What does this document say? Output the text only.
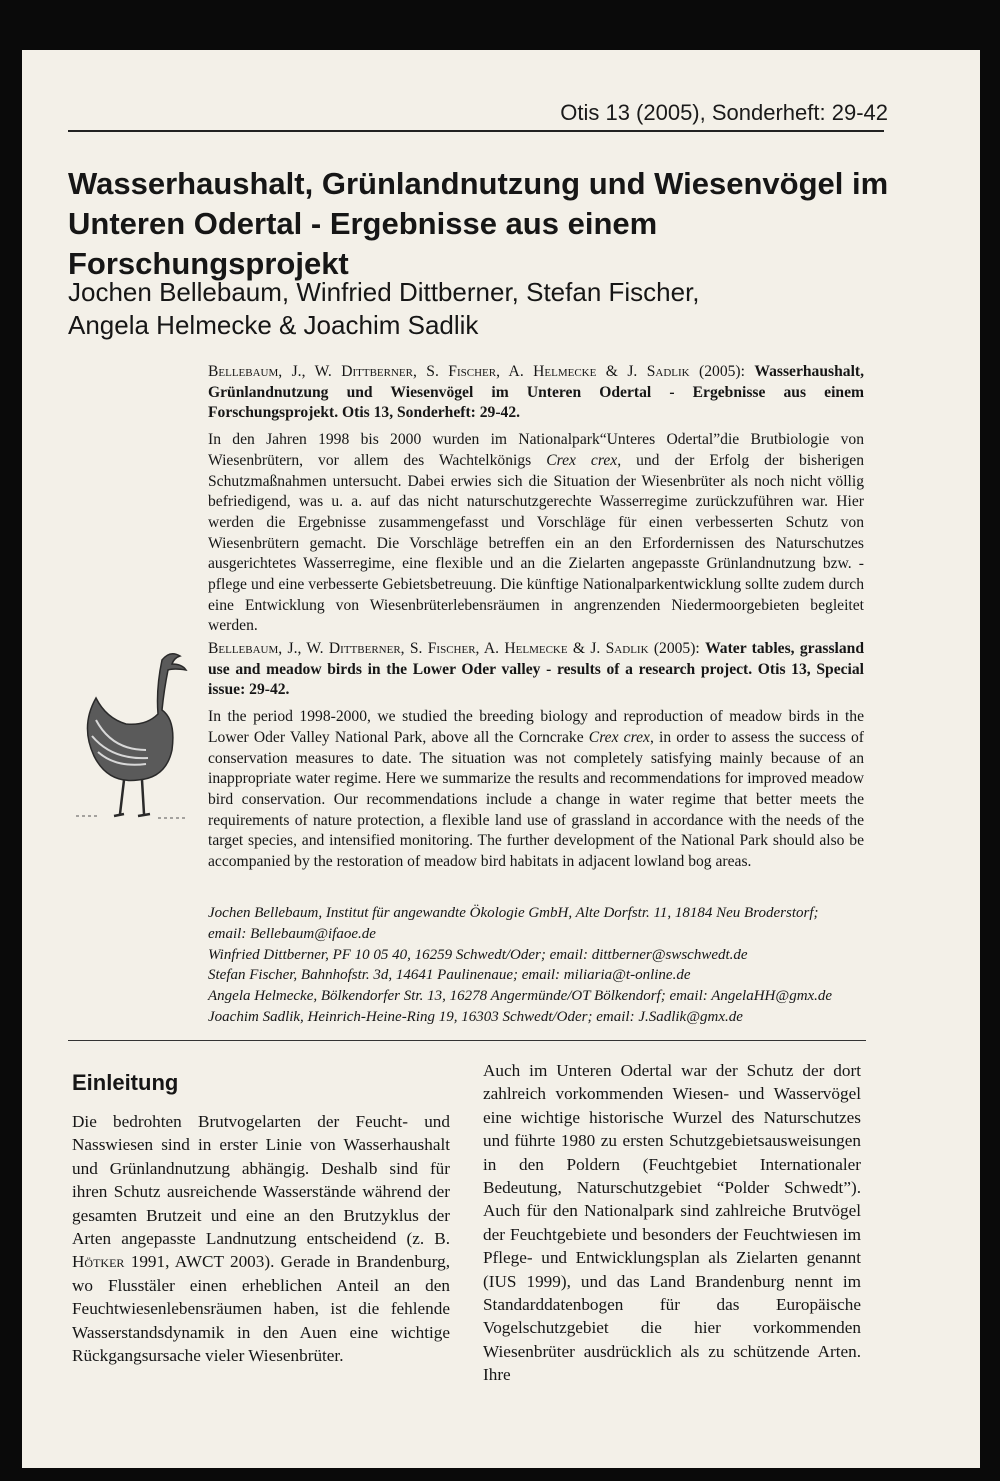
Otis 13 (2005), Sonderheft: 29-42
Wasserhaushalt, Grünlandnutzung und Wiesenvögel im
Unteren Odertal - Ergebnisse aus einem Forschungsprojekt
Jochen Bellebaum, Winfried Dittberner, Stefan Fischer,
Angela Helmecke & Joachim Sadlik

Bellebaum, J., W. Dittberner, S. Fischer, A. Helmecke & J. Sadlik (2005): Wasserhaushalt, Grünlandnutzung und Wiesenvögel im Unteren Odertal - Ergebnisse aus einem Forschungsprojekt. Otis 13, Sonderheft: 29-42.

In den Jahren 1998 bis 2000 wurden im Nationalpark“Unteres Odertal”die Brutbiologie von Wiesenbrütern, vor allem des Wachtelkönigs Crex crex, und der Erfolg der bisherigen Schutzmaßnahmen untersucht. Dabei erwies sich die Situation der Wiesenbrüter als noch nicht völlig befriedigend, was u. a. auf das nicht naturschutzgerechte Wasserregime zurückzuführen war. Hier werden die Ergebnisse zusammengefasst und Vorschläge für einen verbesserten Schutz von Wiesenbrütern gemacht. Die Vorschläge betreffen ein an den Erfordernissen des Naturschutzes ausgerichtetes Wasserregime, eine flexible und an die Zielarten angepasste Grünlandnutzung bzw. -pflege und eine verbesserte Gebietsbetreuung. Die künftige Nationalparkentwicklung sollte zudem durch eine Entwicklung von Wiesenbrüterlebensräumen in angrenzenden Niedermoorgebieten begleitet werden.

Bellebaum, J., W. Dittberner, S. Fischer, A. Helmecke & J. Sadlik (2005): Water tables, grassland use and meadow birds in the Lower Oder valley - results of a research project. Otis 13, Special issue: 29-42.

In the period 1998-2000, we studied the breeding biology and reproduction of meadow birds in the Lower Oder Valley National Park, above all the Corncrake Crex crex, in order to assess the success of conservation measures to date. The situation was not completely satisfying mainly because of an inappropriate water regime. Here we summarize the results and recommendations for improved meadow bird conservation. Our recommendations include a change in water regime that better meets the requirements of nature protection, a flexible land use of grassland in accordance with the needs of the target species, and intensified monitoring. The further development of the National Park should also be accompanied by the restoration of meadow bird habitats in adjacent lowland bog areas.

Jochen Bellebaum, Institut für angewandte Ökologie GmbH, Alte Dorfstr. 11, 18184 Neu Broderstorf;
email: Bellebaum@ifaoe.de
Winfried Dittberner, PF 10 05 40, 16259 Schwedt/Oder; email: dittberner@swschwedt.de
Stefan Fischer, Bahnhofstr. 3d, 14641 Paulinenaue; email: miliaria@t-online.de
Angela Helmecke, Bölkendorfer Str. 13, 16278 Angermünde/OT Bölkendorf; email: AngelaHH@gmx.de
Joachim Sadlik, Heinrich-Heine-Ring 19, 16303 Schwedt/Oder; email: J.Sadlik@gmx.de
Einleitung

Die bedrohten Brutvogelarten der Feucht- und Nasswiesen sind in erster Linie von Wasserhaushalt und Grünlandnutzung abhängig. Deshalb sind für ihren Schutz ausreichende Wasserstände während der gesamten Brutzeit und eine an den Brutzyklus der Arten angepasste Landnutzung entscheidend (z. B. Hötker 1991, AWCT 2003). Gerade in Brandenburg, wo Flusstäler einen erheblichen Anteil an den Feuchtwiesenlebensräumen haben, ist die fehlende Wasserstandsdynamik in den Auen eine wichtige Rückgangsursache vieler Wiesenbrüter.

Auch im Unteren Odertal war der Schutz der dort zahlreich vorkommenden Wiesen- und Wasservögel eine wichtige historische Wurzel des Naturschutzes und führte 1980 zu ersten Schutzgebietsausweisungen in den Poldern (Feuchtgebiet Internationaler Bedeutung, Naturschutzgebiet “Polder Schwedt”). Auch für den Nationalpark sind zahlreiche Brutvögel der Feuchtgebiete und besonders der Feuchtwiesen im Pflege- und Entwicklungsplan als Zielarten genannt (IUS 1999), und das Land Brandenburg nennt im Standarddatenbogen für das Europäische Vogelschutzgebiet die hier vorkommenden Wiesenbrüter ausdrücklich als zu schützende Arten. Ihre
